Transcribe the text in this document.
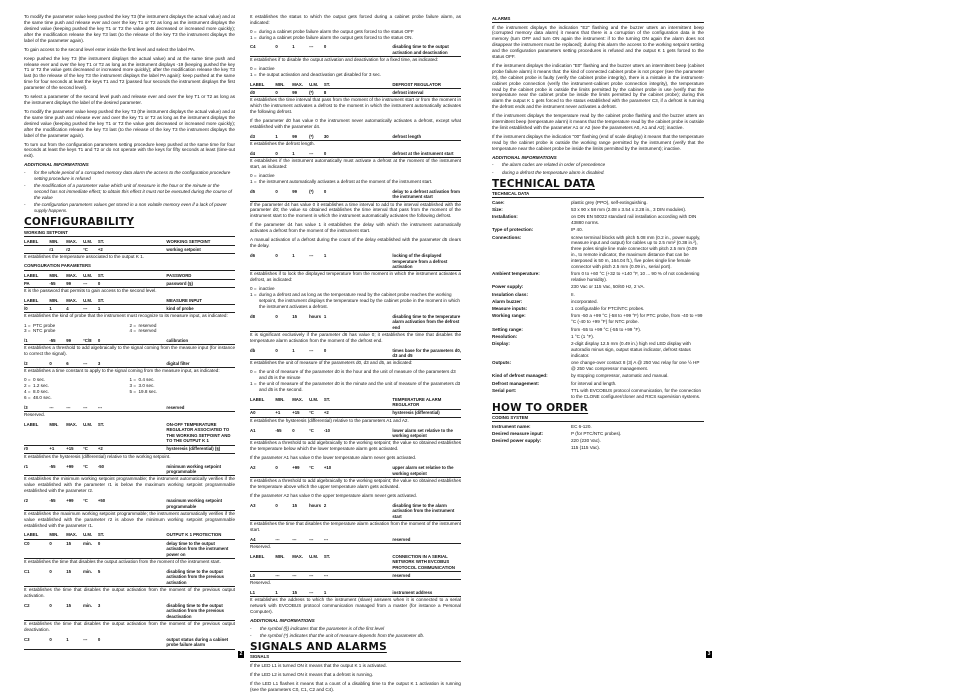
To modify the parameter value keep pushed the key T3 (the instrument displays the actual value) and at the same time push and release ever and over the key T1 or T2 as long as the instrument displays the desired value (keeping pushed the key T1 or T2 the value gets decreased or increased more quickly); after the modification release the key T3 last (to the release of the key T3 the instrument displays the label of the parameter again).

To gain access to the second level enter inside the first level and select the label PA.

Keep pushed the key T3 (the instrument displays the actual value) and at the same time push and release ever and over the key T1 or T2 as long as the instrument displays -19 (keeping pushed the key T1 or T2 the value gets decreased or increased more quickly); after the modification release the key T3 last (to the release of the key T3 the instrument displays the label PA again): keep pushed at the same time for four seconds at least the keys T1 and T2 (passed four seconds the instrument displays the first parameter of the second level).

To select a parameter of the second level push and release ever and over the key T1 or T2 as long as the instrument displays the label of the desired parameter.

To modify the parameter value keep pushed the key T3 (the instrument displays the actual value) and at the same time push and release ever and over the key T1 or T2 as long as the instrument displays the desired value (keeping pushed the key T1 or T2 the value gets decreased or increased more quickly); after the modification release the key T3 last (to the release of the key T3 the instrument displays the label of the parameter again).

To turn out from the configuration parameters setting procedure keep pushed at the same time for four seconds at least the keys T1 and T2 or do not operate with the keys for fifty seconds at least (time-out exit).

ADDITIONAL INFORMATIONS
-	for the whole period of a corrupted memory data alarm the access to the configuration procedure setting procedure is refused
-	the modification of a parameter value which unit of measure is the hour or the minute or the second has not immediate effect; to obtain this effect it must not be executed during the course of the value
-	the configuration parameters values get stored in a non volatile memory even if a lack of power supply happens.
CONFIGURABILITY
WORKING SETPOINT
LABEL	MIN.	MAX.	U.M.	ST.	WORKING SETPOINT
r1	r2	°C	+2	working setpoint

It establishes the temperature associated to the output K 1.

CONFIGURATION PARAMETERS
LABEL	MIN.	MAX.	U.M.	ST.	PASSWORD
PA	-55	99	---	0	password (§)

It is the password that permits to gain access to the second level.

LABEL	MIN.	MAX.	U.M.	ST.	MEASURE INPUT
/0	1	4	---	1	kind of probe

It establishes the kind of probe that the instrument must recognize to its measure input, as indicated:

1 = PTC probe	2 = reserved
3 = NTC probe	4 = reserved
/1	-55	99	°C/8	0	calibration

It establishes a threshold to add algebraically to the signal coming from the measure input (for instance to correct the signal).

/2	0	6	---	3	digital filter

It establishes a time constant to apply to the signal coming from the measure input, as indicated:

0 = 0 sec.	1 = 0.4 sec.
2 = 1.2 sec.	3 = 3.0 sec.
4 = 8.0 sec.	5 = 19.8 sec.
6 = 48.0 sec.
/3	---	---	---	---	reserved

Reserved.

LABEL	MIN.	MAX.	U.M.	ST.	ON-OFF TEMPERATURE REGULATOR ASSOCIATED TO THE WORKING SETPOINT AND TO THE OUTPUT K 1
r0	+1	+15	°C	+2	hysteresis (differential) (§)

It establishes the hysteresis (differential) relative to the working setpoint.

r1	-55	+99	°C	-50	minimum working setpoint programmable

It establishes the minimum working setpoint programmable; the instrument automatically verifies if the value established with the parameter r1 is below the maximum working setpoint programmable established with the parameter r2.

r2	-55	+99	°C	+50	maximum working setpoint programmable

It establishes the maximum working setpoint programmable; the instrument automatically verifies if the value established with the parameter r2 is above the minimum working setpoint programmable established with the parameter r1.

LABEL	MIN.	MAX.	U.M.	ST.	OUTPUT K 1 PROTECTION
C0	0	15	min.	0	delay time to the output activation from the instrument power on

It establishes the time that disables the output activation from the moment of the instrument start.

C1	0	15	min.	5	disabling time to the output activation from the previous activation

It establishes the time that disables the output activation from the moment of the previous output activation.

C2	0	15	min.	3	disabling time to the output activation from the previous deactivation

It establishes the time that disables the output activation from the moment of the previous output deactivation.

C3	0	1	---	0	output status during a cabinet probe failure alarm

It establishes the status to which the output gets forced during a cabinet probe failure alarm, as indicated:

0 = during a cabinet probe failure alarm the output gets forced to the status OFF
1 = during a cabinet probe failure alarm the output gets forced to the status ON.
C4	0	1	---	0	disabling time to the output activation and deactivation

It establishes if to disable the output activation and deactivation for a fixed time, as indicated:

0 = inactive
1 = the output activation and deactivation get disabled for 3 sec.
LABEL	MIN.	MAX.	U.M.	ST.	DEFROST REGULATOR
d0	0	99	(*)	8	defrost interval

It establishes the time interval that pass from the moment of the instrument start or from the moment in which the instrument activates a defrost to the moment in which the instrument automatically activates the following defrost.

If the parameter d0 has value 0 the instrument never automatically activates a defrost, except what established with the parameter d4.

d3	1	99	(*)	30	defrost length

It establishes the defrost length.

d4	0	1	---	0	defrost at the instrument start

It establishes if the instrument automatically must activate a defrost at the moment of the instrument start, as indicated:

0 = inactive
1 = the instrument automatically activates a defrost at the moment of the instrument start.
d5	0	99	(*)	0	delay to a defrost activation from the instrument start

If the parameter d4 has value 0 it establishes a time interval to add to the interval established with the parameter d0; the value so obtained establishes the time interval that pass from the moment of the instrument start to the moment in which the instrument automatically activates the following defrost.

If the parameter d4 has value 1 it establishes the delay with which the instrument automatically activates a defrost from the moment of the instrument start.

A manual activation of a defrost during the count of the delay established with the parameter d5 clears the delay.

d6	0	1	---	1	locking of the displayed temperature from a defrost activation

It establishes if to lock the displayed temperature from the moment in which the instrument activates a defrost, as indicated:

0 = inactive
1 = during a defrost and as long as the temperature read by the cabinet probe reaches the working setpoint, the instrument displays the temperature read by the cabinet probe in the moment in which the instrument activates a defrost.
d8	0	15	hours 1	disabling time to the temperature alarm activation from the defrost end

It is significant exclusively if the parameter d6 has value 0; it establishes the time that disables the temperature alarm activation from the moment of the defrost end.

db	0	1	---	0	times base for the parameters d0, d3 and d5

It establishes the unit of measure of the parameters d0, d3 and d5, as indicated:

0 = the unit of measure of the parameter d0 is the hour and the unit of measure of the parameters d3 and d5 is the minute
1 = the unit of measure of the parameter d0 is the minute and the unit of measure of the parameters d3 and d5 is the second.
LABEL	MIN.	MAX.	U.M.	ST.	TEMPERATURE ALARM REGULATOR
A0	+1	+15	°C	+2	hysteresis (differential)

It establishes the hysteresis (differential) relative to the parameters A1 and A2.

A1	-55	0	°C	-10	lower alarm set relative to the working setpoint

It establishes a threshold to add algebraically to the working setpoint; the value so obtained establishes the temperature below which the lower temperature alarm gets activated.

If the parameter A1 has value 0 the lower temperature alarm never gets activated.

A2	0	+99	°C	+10	upper alarm set relative to the working setpoint

It establishes a threshold to add algebraically to the working setpoint; the value so obtained establishes the temperature above which the upper temperature alarm gets activated.

If the parameter A2 has value 0 the upper temperature alarm never gets activated.

A3	0	15	hours 2	disabling time to the alarm activation from the instrument start

It establishes the time that disables the temperature alarm activation from the moment of the instrument start.

A4	---	---	---	---	reserved

Reserved.

LABEL	MIN.	MAX.	U.M.	ST.	CONNECTION IN A SERIAL NETWORK WITH EVCOBUS PROTOCOL COMMUNICATION
L0	---	---	---	---	reserved

Reserved.

L1	1	15	---	1	instrument address

It establishes the address to which the instrument (slave) answers when it is connected to a serial network with EVCOBUS protocol communication managed from a master (for instance a Personal Computer).

ADDITIONAL INFORMATIONS
-	the symbol (§) indicates that the parameter is of the first level
-	the symbol (*) indicates that the unit of measure depends from the parameter db.
SIGNALS AND ALARMS
SIGNALS

If the LED L1 is turned ON it means that the output K 1 is activated.

If the LED L2 is turned ON it means that a defrost is running.

If the LED L1 flashes it means that a count of a disabling time to the output K 1 activation is running (see the parameters C0, C1, C2 and C4).

2
ALARMS

If the instrument displays the indication "E2" flashing and the buzzer utters an intermittent beep (corrupted memory data alarm) it means that there is a corruption of the configuration data in the memory (turn OFF and turn ON again the instrument: if to the turning ON again the alarm does not disappear the instrument must be replaced); during this alarm the access to the working setpoint setting and the configuration parameters setting procedures is refused and the output K 1 gets forced to the status OFF.

If the instrument displays the indication "E0" flashing and the buzzer utters an intermittent beep (cabinet probe failure alarm) it means that: the kind of connected cabinet probe is not proper (see the parameter /0), the cabinet probe is faulty (verify the cabinet probe integrity), there is a mistake in the instrument-cabinet probe connection (verify the instrument-cabinet probe connection integrity), the temperature read by the cabinet probe is outside the limits permitted by the cabinet probe in use (verify that the temperature near the cabinet probe be inside the limits permitted by the cabinet probe); during this alarm the output K 1 gets forced to the status established with the parameter C3, if a defrost is running the defrost ends and the instrument never activates a defrost.

If the instrument displays the temperature read by the cabinet probe flashing and the buzzer utters an intermittent beep (temperature alarm) it means that the temperature read by the cabinet probe is outside the limit established with the parameter A1 or A2 (see the parameters A0, A1 and A2); inactive.

If the instrument displays the indication "00" flashing (end of scale display) it means that the temperature read by the cabinet probe is outside the working range permitted by the instrument (verify that the temperature near the cabinet probe be inside the limits permitted by the instrument); inactive.

ADDITIONAL INFORMATIONS
-	the alarm codes are related in order of precedence
-	during a defrost the temperature alarm is disabled.
TECHNICAL DATA
TECHNICAL DATA
Case:	plastic grey (PPO), self-extinguishing.
Size:	53 x 90 x 58 mm (2.08 x 3.54 x 2.28 in., 3 DIN modules).
Installation:	on DIN EN 50022 standard rail installation according with DIN 43880 norms.
Type of protection:	IP 40.
Connections:	screw terminal blocks with pitch 5.08 mm (0.2 in., power supply, measure input and output) for cables up to 2.5 mm² (0.38 in.²), three poles single line male connector with pitch 2.5 mm (0.09 in., to remote indicator, the maximum distance that can be interposed is 50 m, 164.04 ft.), five poles single line female connector with pitch 2.5 mm (0.09 in., serial port).
Ambient temperature:	from 0 to +60 °C (+32 to +140 °F, 10 ... 90 % of not condensing relative humidity).
Power supply:	230 Vac or 115 Vac, 50/60 Hz, 2 VA.
Insulation class:	II.
Alarm buzzer:	incorporated.
Measure inputs:	1 configurable for PTC/NTC probes.
Working range:	from -50 a +99 °C (-58 to +99 °F) for PTC probe, from -40 to +99 °C (-40 to +99 °F) for NTC probe.
Setting range:	from -55 to +99 °C (-55 to +99 °F).
Resolution:	1 °C (1 °F).
Display:	2-digit display 12.5 mm (0.49 in.) high red LED display with autoradio minus sign, output status indicator, defrost status indicator.
Outputs:	one change-over contact 8 (3) A @ 250 Vac relay for one ½ HP @ 250 Vac compressor management.
Kind of defrost managed:	by stopping compressor, automatic and manual.
Defrost management:	for interval and length.
Serial port:	TTL with EVCOBUS protocol communication, for the connection to the CLONE configurer/cloner and RICS supervision systems.
HOW TO ORDER
CODING SYSTEM
Instrument name:	EC 6-120.
Desired measure input:	P (for PTC/NTC probes).
Desired power supply:	220 (230 Vac).
115 (115 Vac).
3
